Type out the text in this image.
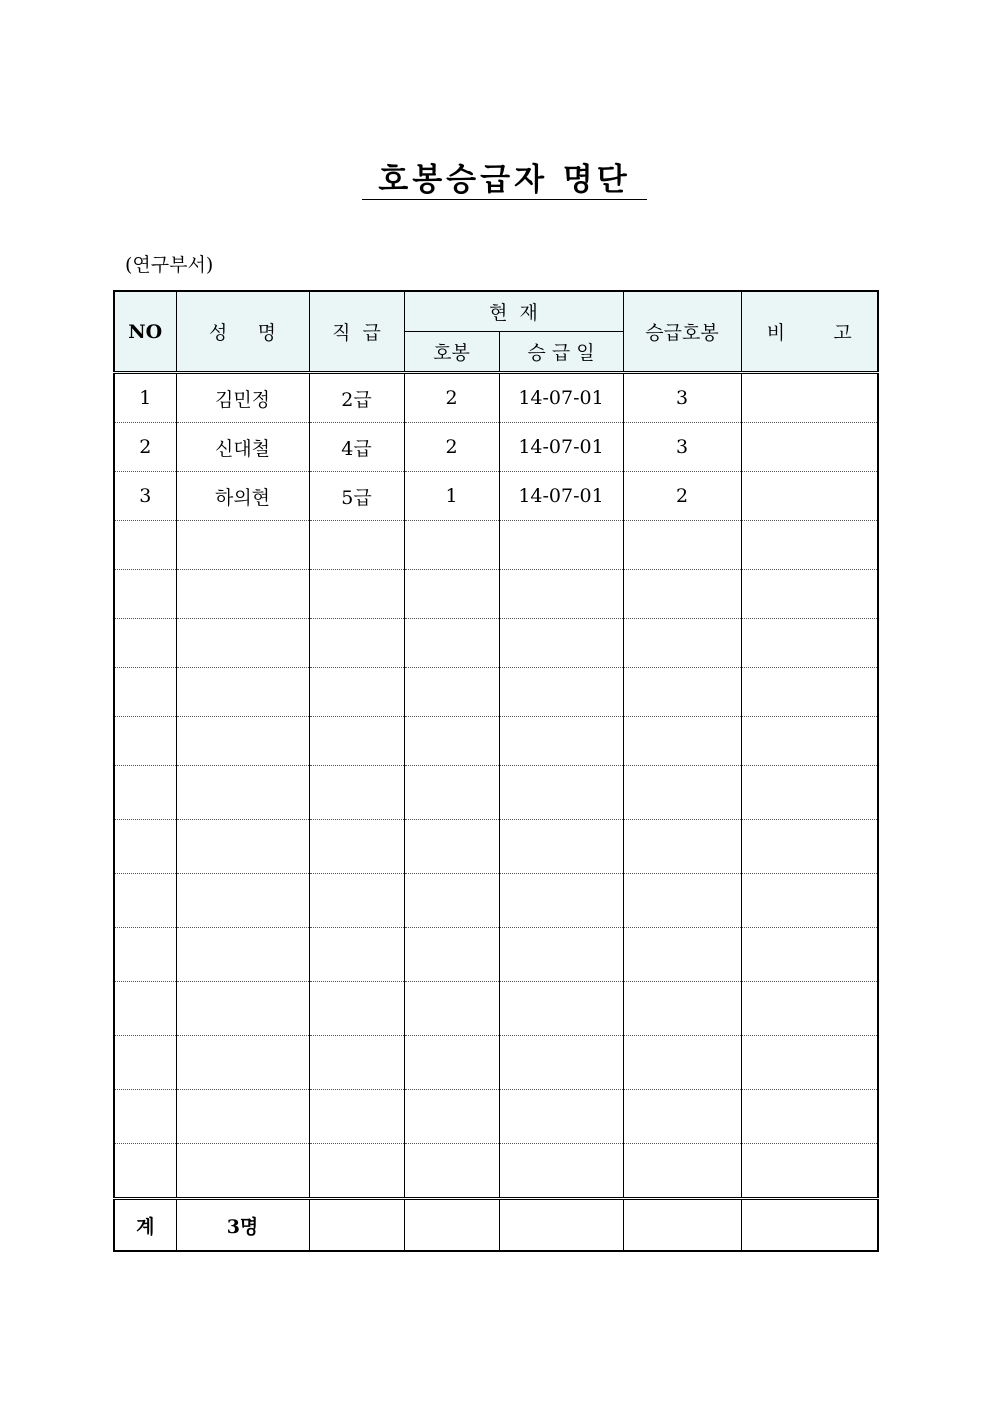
호봉승급자 명단
(연구부서)
NO	성     명	직  급	현  재		승급호봉	비        고
			호봉	승 급 일		
1	김민정	2급	2	14-07-01	3	
2	신대철	4급	2	14-07-01	3	
3	하의현	5급	1	14-07-01	2	

계	3명					
